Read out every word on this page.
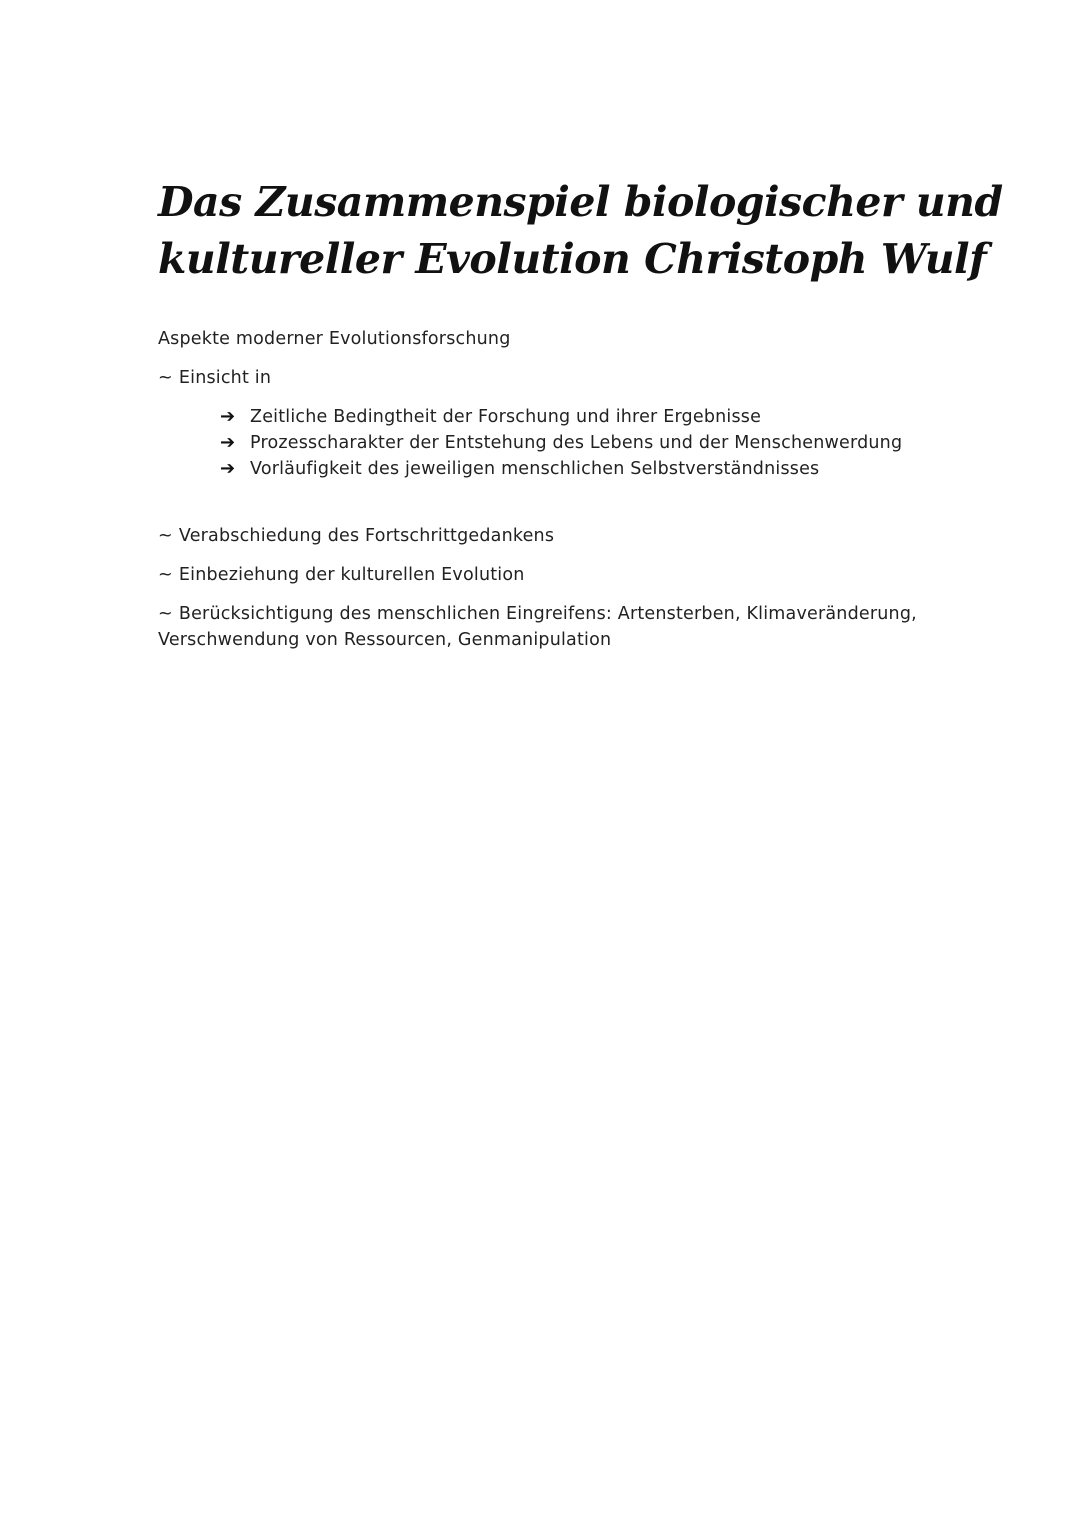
Das Zusammenspiel biologischer und
kultureller Evolution Christoph Wulf

Aspekte moderner Evolutionsforschung

~ Einsicht in

➔ Zeitliche Bedingtheit der Forschung und ihrer Ergebnisse
➔ Prozesscharakter der Entstehung des Lebens und der Menschenwerdung
➔ Vorläufigkeit des jeweiligen menschlichen Selbstverständnisses

~ Verabschiedung des Fortschrittgedankens

~ Einbeziehung der kulturellen Evolution

~ Berücksichtigung des menschlichen Eingreifens: Artensterben, Klimaveränderung, Verschwendung von Ressourcen, Genmanipulation
